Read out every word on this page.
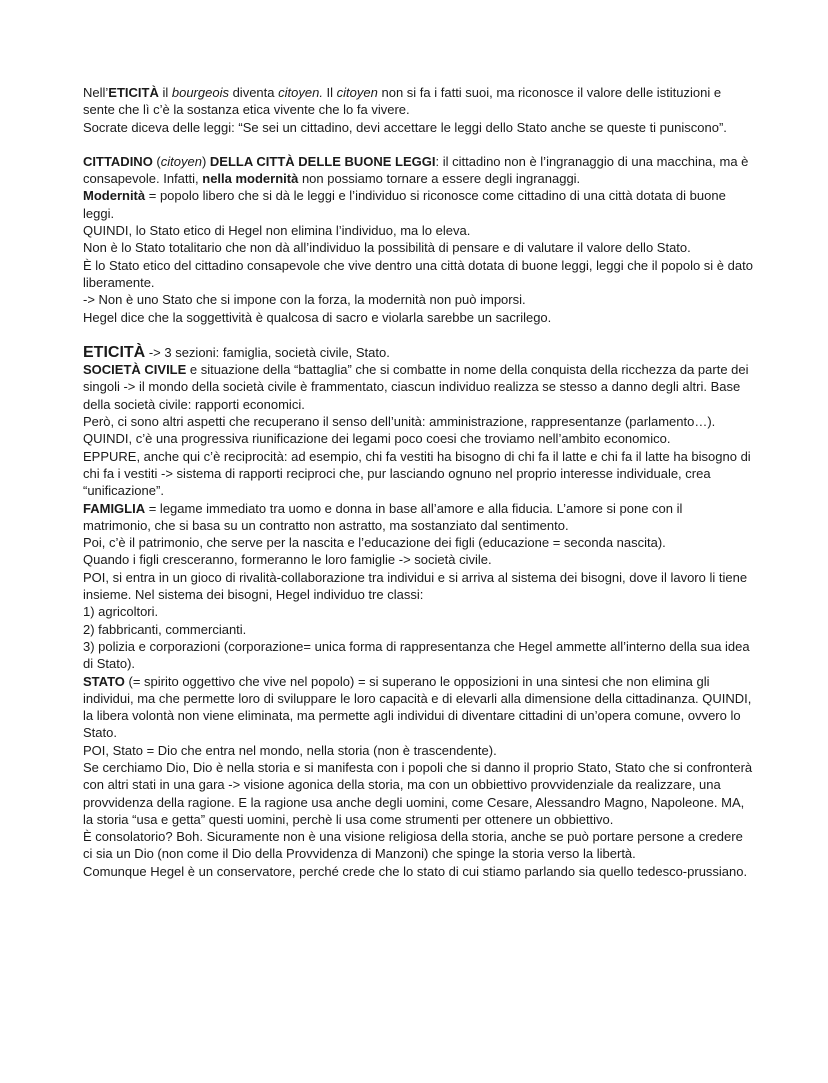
Nell’ETICITÀ il bourgeois diventa citoyen. Il citoyen non si fa i fatti suoi, ma riconosce il valore delle istituzioni e sente che lì c’è la sostanza etica vivente che lo fa vivere.

Socrate diceva delle leggi: “Se sei un cittadino, devi accettare le leggi dello Stato anche se queste ti puniscono”.

CITTADINO (citoyen) DELLA CITTÀ DELLE BUONE LEGGI: il cittadino non è l’ingranaggio di una macchina, ma è consapevole. Infatti, nella modernità non possiamo tornare a essere degli ingranaggi.

Modernità = popolo libero che si dà le leggi e l’individuo si riconosce come cittadino di una città dotata di buone leggi.

QUINDI, lo Stato etico di Hegel non elimina l’individuo, ma lo eleva.

Non è lo Stato totalitario che non dà all’individuo la possibilità di pensare e di valutare il valore dello Stato.

È lo Stato etico del cittadino consapevole che vive dentro una città dotata di buone leggi, leggi che il popolo si è dato liberamente.

-> Non è uno Stato che si impone con la forza, la modernità non può imporsi.

Hegel dice che la soggettività è qualcosa di sacro e violarla sarebbe un sacrilego.

ETICITÀ -> 3 sezioni: famiglia, società civile, Stato.

SOCIETÀ CIVILE e situazione della “battaglia” che si combatte in nome della conquista della ricchezza da parte dei singoli -> il mondo della società civile è frammentato, ciascun individuo realizza se stesso a danno degli altri. Base della società civile: rapporti economici.

Però, ci sono altri aspetti che recuperano il senso dell’unità: amministrazione, rappresentanze (parlamento…). QUINDI, c’è una progressiva riunificazione dei legami poco coesi che troviamo nell’ambito economico.

EPPURE, anche qui c’è reciprocità: ad esempio, chi fa vestiti ha bisogno di chi fa il latte e chi fa il latte ha bisogno di chi fa i vestiti -> sistema di rapporti reciproci che, pur lasciando ognuno nel proprio interesse individuale, crea “unificazione”.

FAMIGLIA = legame immediato tra uomo e donna in base all’amore e alla fiducia. L’amore si pone con il matrimonio, che si basa su un contratto non astratto, ma sostanziato dal sentimento.

Poi, c’è il patrimonio, che serve per la nascita e l’educazione dei figli (educazione = seconda nascita).

Quando i figli cresceranno, formeranno le loro famiglie -> società civile.

POI, si entra in un gioco di rivalità-collaborazione tra individui e si arriva al sistema dei bisogni, dove il lavoro li tiene insieme. Nel sistema dei bisogni, Hegel individuo tre classi:

1) agricoltori.

2) fabbricanti, commercianti.

3) polizia e corporazioni (corporazione= unica forma di rappresentanza che Hegel ammette all’interno della sua idea di Stato).

STATO (= spirito oggettivo che vive nel popolo) = si superano le opposizioni in una sintesi che non elimina gli individui, ma che permette loro di sviluppare le loro capacità e di elevarli alla dimensione della cittadinanza. QUINDI, la libera volontà non viene eliminata, ma permette agli individui di diventare cittadini di un’opera comune, ovvero lo Stato.

POI, Stato = Dio che entra nel mondo, nella storia (non è trascendente).

Se cerchiamo Dio, Dio è nella storia e si manifesta con i popoli che si danno il proprio Stato, Stato che si confronterà con altri stati in una gara -> visione agonica della storia, ma con un obbiettivo provvidenziale da realizzare, una provvidenza della ragione. E la ragione usa anche degli uomini, come Cesare, Alessandro Magno, Napoleone. MA, la storia “usa e getta” questi uomini, perchè li usa come strumenti per ottenere un obbiettivo.

È consolatorio? Boh. Sicuramente non è una visione religiosa della storia, anche se può portare persone a credere ci sia un Dio (non come il Dio della Provvidenza di Manzoni) che spinge la storia verso la libertà.

Comunque Hegel è un conservatore, perché crede che lo stato di cui stiamo parlando sia quello tedesco-prussiano.
